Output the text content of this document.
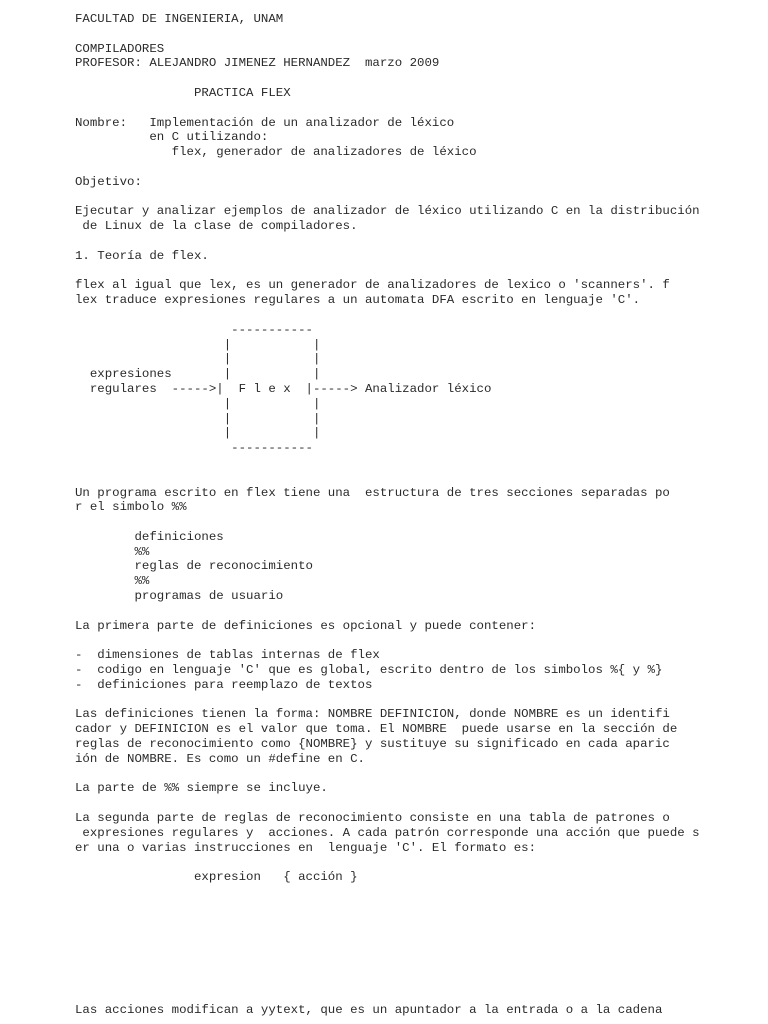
FACULTAD DE INGENIERIA, UNAM
COMPILADORES
PROFESOR: ALEJANDRO JIMENEZ HERNANDEZ  marzo 2009
PRACTICA FLEX
Nombre:   Implementación de un analizador de léxico
en C utilizando:
flex, generador de analizadores de léxico
Objetivo:
Ejecutar y analizar ejemplos de analizador de léxico utilizando C en la distribución
de Linux de la clase de compiladores.
1. Teoría de flex.
flex al igual que lex, es un generador de analizadores de lexico o 'scanners'. f
lex traduce expresiones regulares a un automata DFA escrito en lenguaje 'C'.
-----------
|           |
|           |
expresiones       |           |
regulares  ----->|  F l e x  |-----> Analizador léxico
|           |
|           |
|           |
-----------
Un programa escrito en flex tiene una  estructura de tres secciones separadas po
r el simbolo %%
definiciones
%%
reglas de reconocimiento
%%
programas de usuario
La primera parte de definiciones es opcional y puede contener:
-  dimensiones de tablas internas de flex
-  codigo en lenguaje 'C' que es global, escrito dentro de los simbolos %{ y %}
-  definiciones para reemplazo de textos
Las definiciones tienen la forma: NOMBRE DEFINICION, donde NOMBRE es un identifi
cador y DEFINICION es el valor que toma. El NOMBRE  puede usarse en la sección de
reglas de reconocimiento como {NOMBRE} y sustituye su significado en cada aparic
ión de NOMBRE. Es como un #define en C.
La parte de %% siempre se incluye.
La segunda parte de reglas de reconocimiento consiste en una tabla de patrones o
expresiones regulares y  acciones. A cada patrón corresponde una acción que puede s
er una o varias instrucciones en  lenguaje 'C'. El formato es:
expresion   { acción }
Las acciones modifican a yytext, que es un apuntador a la entrada o a la cadena
